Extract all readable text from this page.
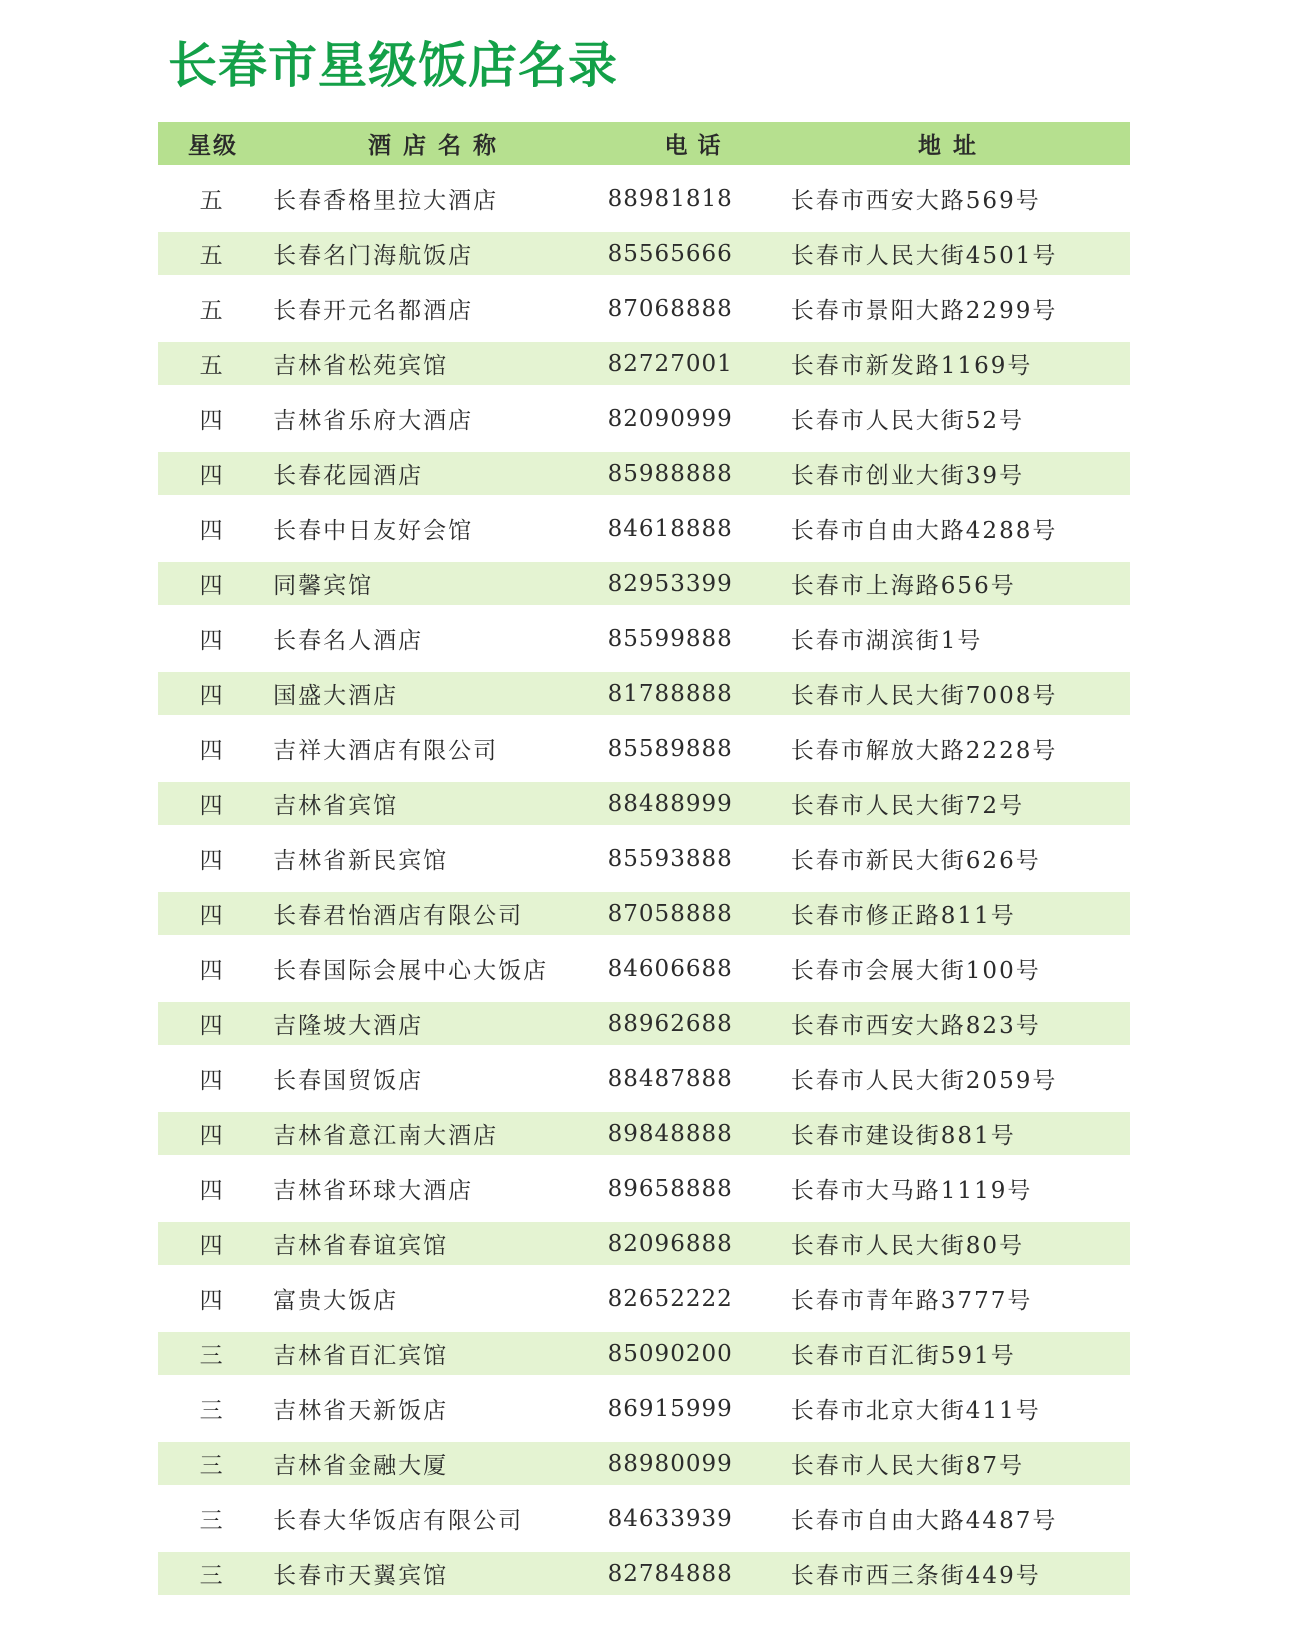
长春市星级饭店名录
星级	酒 店 名 称	电 话	地 址
五	长春香格里拉大酒店	88981818	长春市西安大路569号
五	长春名门海航饭店	85565666	长春市人民大街4501号
五	长春开元名都酒店	87068888	长春市景阳大路2299号
五	吉林省松苑宾馆	82727001	长春市新发路1169号
四	吉林省乐府大酒店	82090999	长春市人民大街52号
四	长春花园酒店	85988888	长春市创业大街39号
四	长春中日友好会馆	84618888	长春市自由大路4288号
四	同馨宾馆	82953399	长春市上海路656号
四	长春名人酒店	85599888	长春市湖滨街1号
四	国盛大酒店	81788888	长春市人民大街7008号
四	吉祥大酒店有限公司	85589888	长春市解放大路2228号
四	吉林省宾馆	88488999	长春市人民大街72号
四	吉林省新民宾馆	85593888	长春市新民大街626号
四	长春君怡酒店有限公司	87058888	长春市修正路811号
四	长春国际会展中心大饭店	84606688	长春市会展大街100号
四	吉隆坡大酒店	88962688	长春市西安大路823号
四	长春国贸饭店	88487888	长春市人民大街2059号
四	吉林省意江南大酒店	89848888	长春市建设街881号
四	吉林省环球大酒店	89658888	长春市大马路1119号
四	吉林省春谊宾馆	82096888	长春市人民大街80号
四	富贵大饭店	82652222	长春市青年路3777号
三	吉林省百汇宾馆	85090200	长春市百汇街591号
三	吉林省天新饭店	86915999	长春市北京大街411号
三	吉林省金融大厦	88980099	长春市人民大街87号
三	长春大华饭店有限公司	84633939	长春市自由大路4487号
三	长春市天翼宾馆	82784888	长春市西三条街449号
